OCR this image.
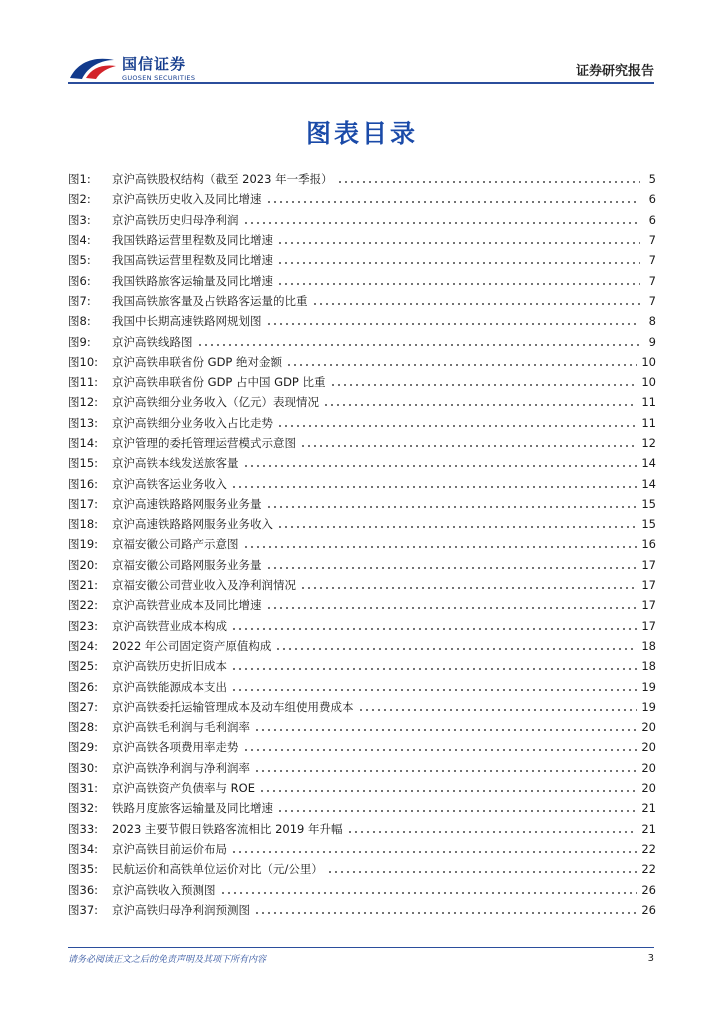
国信证券
GUOSEN SECURITIES	证券研究报告
图表目录
图1:	京沪高铁股权结构（截至 2023 年一季报）	5
图2:	京沪高铁历史收入及同比增速	6
图3:	京沪高铁历史归母净利润	6
图4:	我国铁路运营里程数及同比增速	7
图5:	我国高铁运营里程数及同比增速	7
图6:	我国铁路旅客运输量及同比增速	7
图7:	我国高铁旅客量及占铁路客运量的比重	7
图8:	我国中长期高速铁路网规划图	8
图9:	京沪高铁线路图	9
图10:	京沪高铁串联省份 GDP 绝对金额	10
图11:	京沪高铁串联省份 GDP 占中国 GDP 比重	10
图12:	京沪高铁细分业务收入（亿元）表现情况	11
图13:	京沪高铁细分业务收入占比走势	11
图14:	京沪管理的委托管理运营模式示意图	12
图15:	京沪高铁本线发送旅客量	14
图16:	京沪高铁客运业务收入	14
图17:	京沪高速铁路路网服务业务量	15
图18:	京沪高速铁路路网服务业务收入	15
图19:	京福安徽公司路产示意图	16
图20:	京福安徽公司路网服务业务量	17
图21:	京福安徽公司营业收入及净利润情况	17
图22:	京沪高铁营业成本及同比增速	17
图23:	京沪高铁营业成本构成	17
图24:	2022 年公司固定资产原值构成	18
图25:	京沪高铁历史折旧成本	18
图26:	京沪高铁能源成本支出	19
图27:	京沪高铁委托运输管理成本及动车组使用费成本	19
图28:	京沪高铁毛利润与毛利润率	20
图29:	京沪高铁各项费用率走势	20
图30:	京沪高铁净利润与净利润率	20
图31:	京沪高铁资产负债率与 ROE	20
图32:	铁路月度旅客运输量及同比增速	21
图33:	2023 主要节假日铁路客流相比 2019 年升幅	21
图34:	京沪高铁目前运价布局	22
图35:	民航运价和高铁单位运价对比（元/公里）	22
图36:	京沪高铁收入预测图	26
图37:	京沪高铁归母净利润预测图	26
请务必阅读正文之后的免责声明及其项下所有内容	3
